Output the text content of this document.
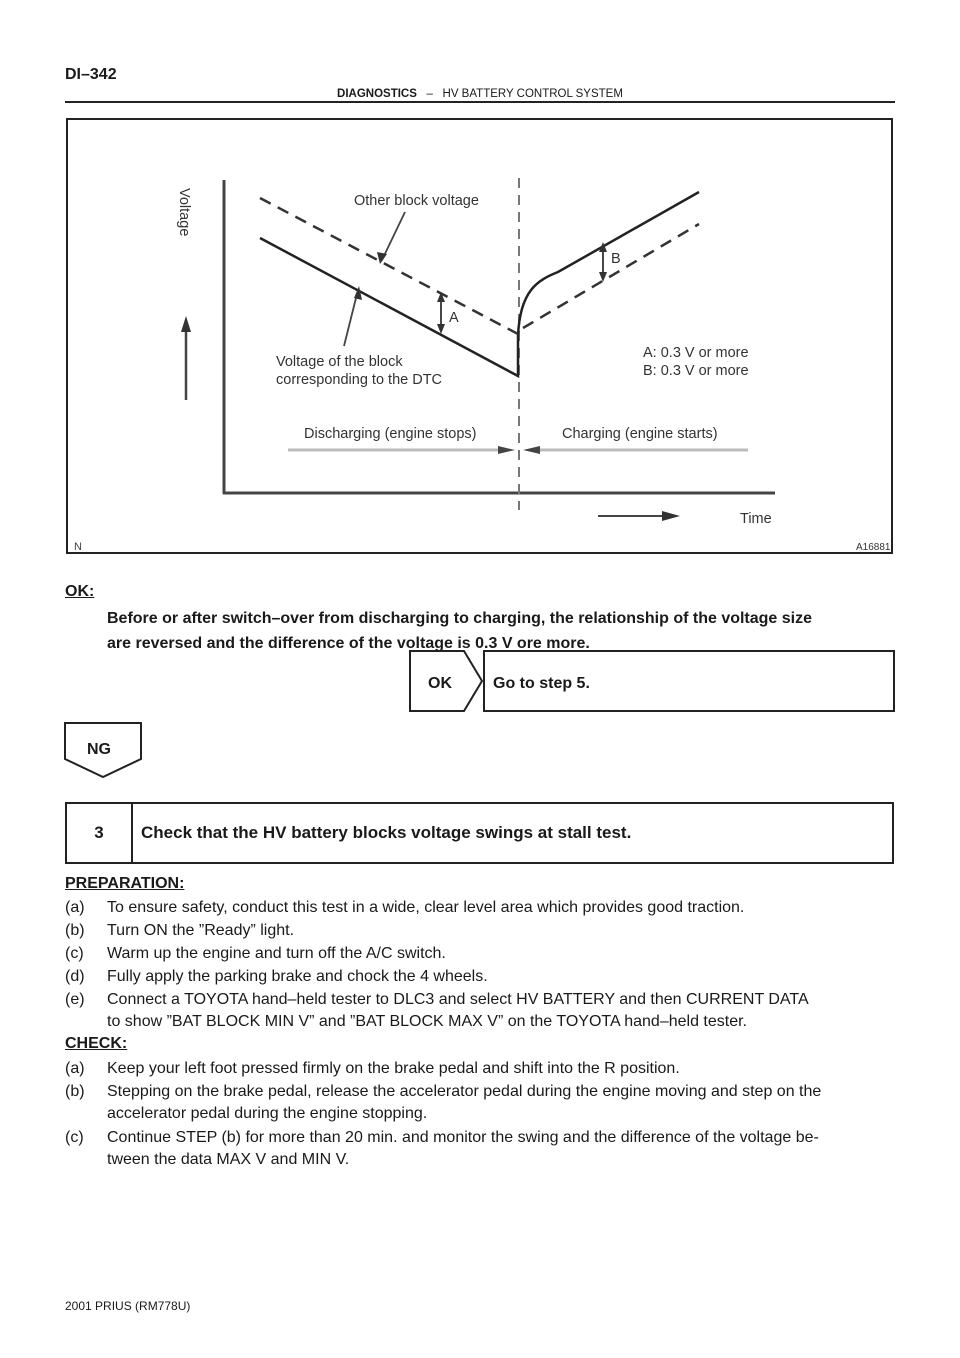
DI–342
DIAGNOSTICS – HV BATTERY CONTROL SYSTEM
Voltage
Time
A
B
Other block voltage
Voltage of the block
corresponding to the DTC
A: 0.3 V or more
B: 0.3 V or more
Discharging (engine stops)	Charging (engine starts)
N	A16881
OK:
Before or after switch–over from discharging to charging, the relationship of the voltage size
are reversed and the difference of the voltage is 0.3 V ore more.
OK	Go to step 5.
NG
3	Check that the HV battery blocks voltage swings at stall test.
PREPARATION:
(a) To ensure safety, conduct this test in a wide, clear level area which provides good traction.
(b) Turn ON the ”Ready” light.
(c) Warm up the engine and turn off the A/C switch.
(d) Fully apply the parking brake and chock the 4 wheels.
(e) Connect a TOYOTA hand–held tester to DLC3 and select HV BATTERY and then CURRENT DATA
to show ”BAT BLOCK MIN V” and ”BAT BLOCK MAX V” on the TOYOTA hand–held tester.
CHECK:
(a) Keep your left foot pressed firmly on the brake pedal and shift into the R position.
(b) Stepping on the brake pedal, release the accelerator pedal during the engine moving and step on the
accelerator pedal during the engine stopping.
(c) Continue STEP (b) for more than 20 min. and monitor the swing and the difference of the voltage be-
tween the data MAX V and MIN V.
2001 PRIUS (RM778U)
